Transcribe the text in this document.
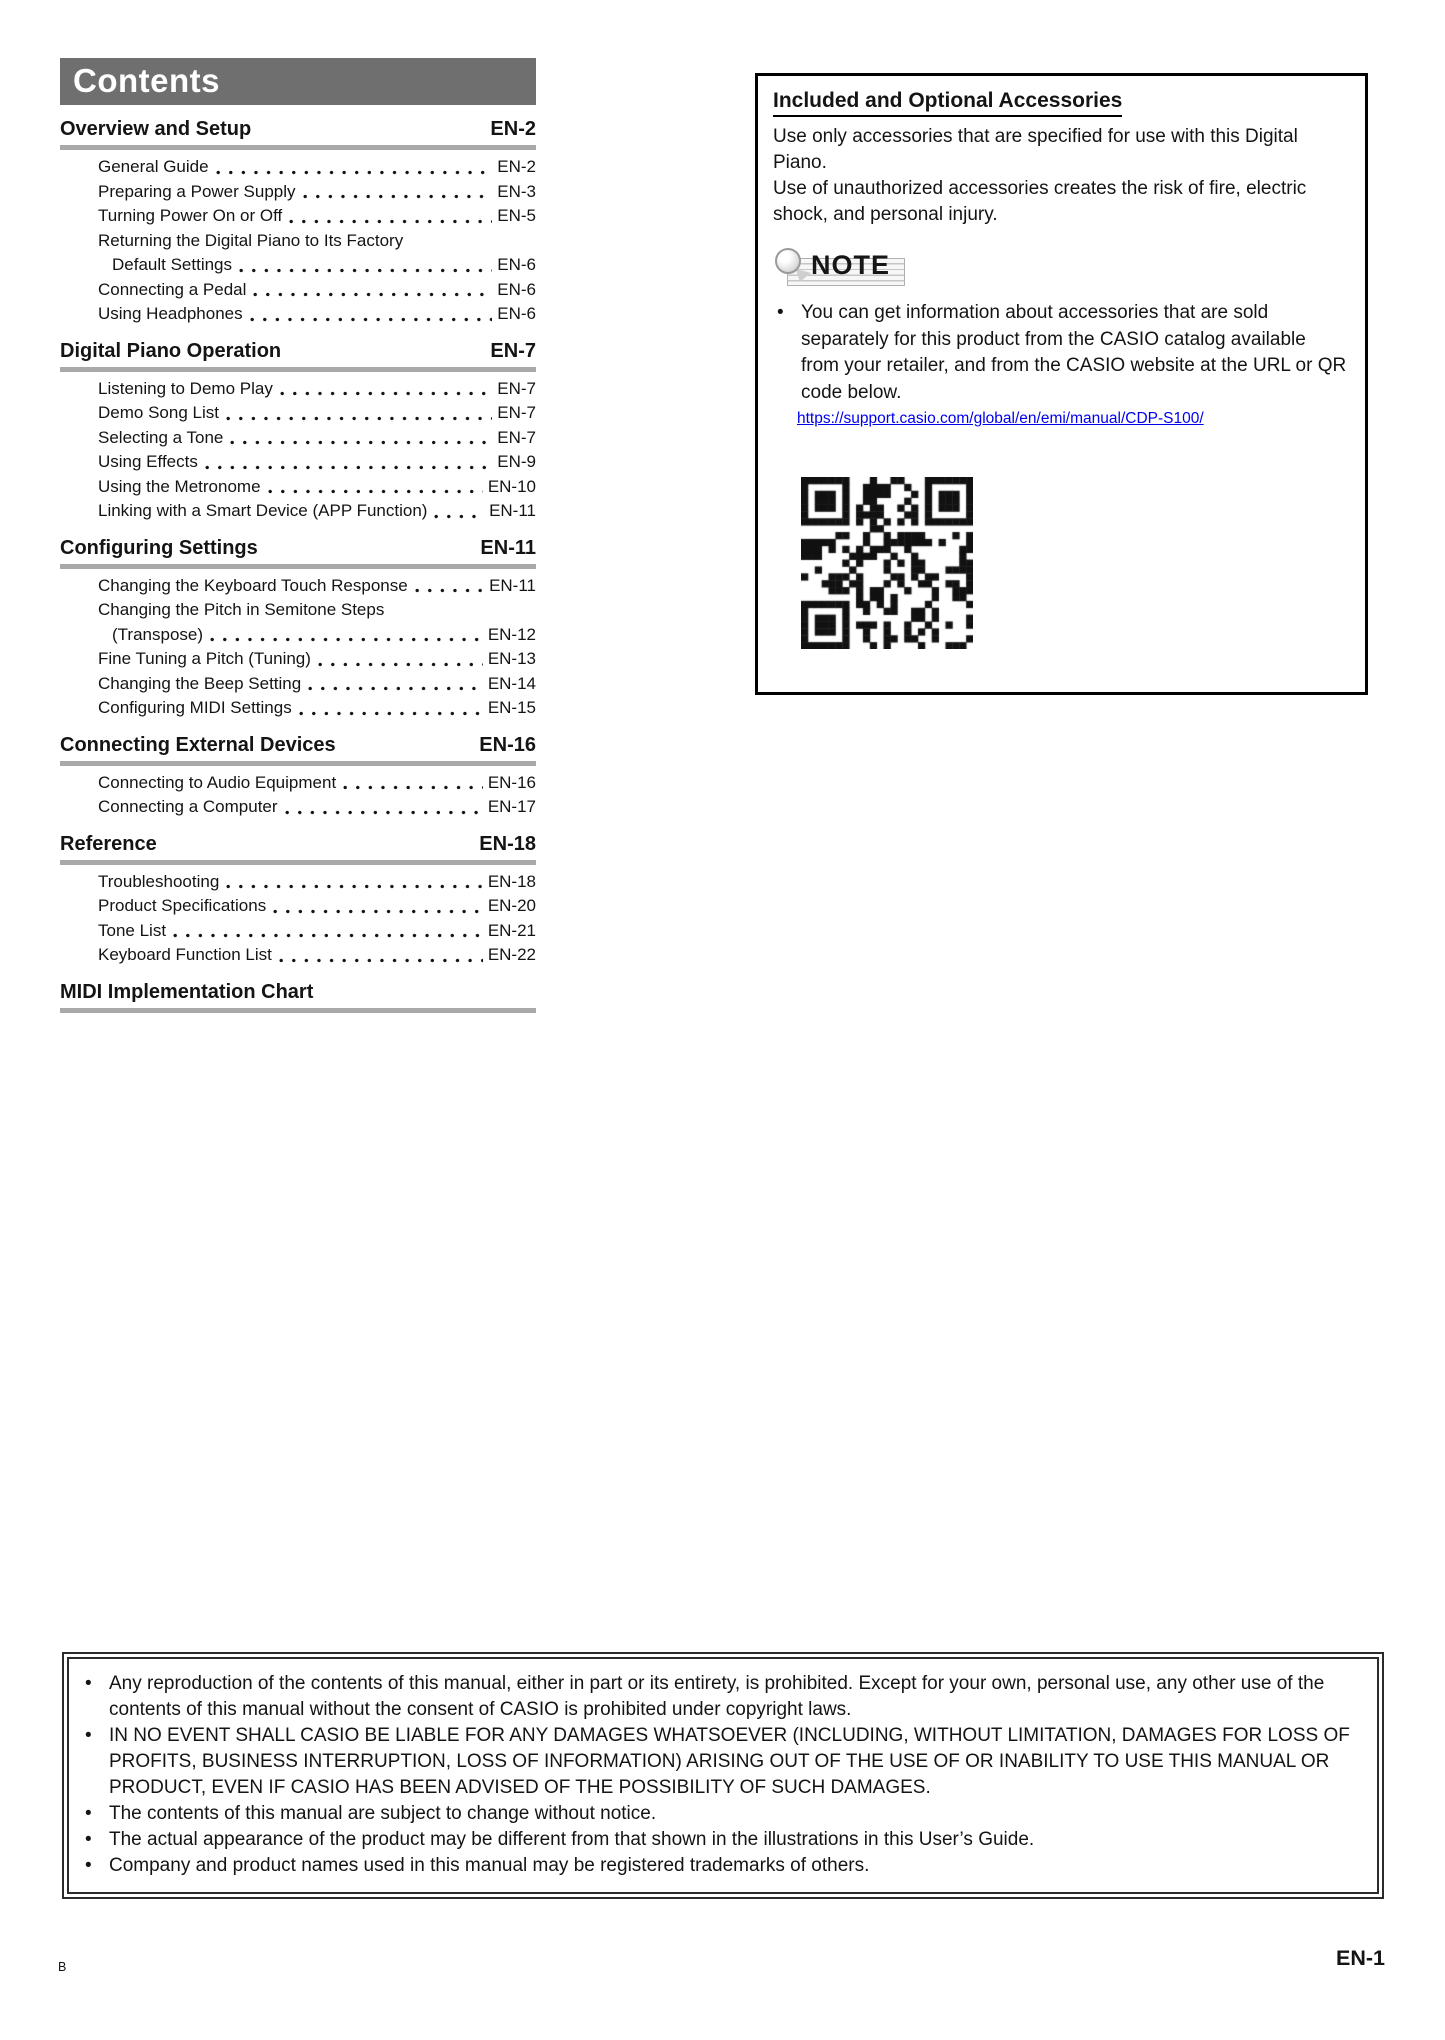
Contents
Overview and Setup	EN-2
General Guide	EN-2
Preparing a Power Supply	EN-3
Turning Power On or Off	EN-5
Returning the Digital Piano to Its Factory
Default Settings	EN-6
Connecting a Pedal	EN-6
Using Headphones	EN-6
Digital Piano Operation	EN-7
Listening to Demo Play	EN-7
Demo Song List	EN-7
Selecting a Tone	EN-7
Using Effects	EN-9
Using the Metronome	EN-10
Linking with a Smart Device (APP Function)	EN-11
Configuring Settings	EN-11
Changing the Keyboard Touch Response	EN-11
Changing the Pitch in Semitone Steps
(Transpose)	EN-12
Fine Tuning a Pitch (Tuning)	EN-13
Changing the Beep Setting	EN-14
Configuring MIDI Settings	EN-15
Connecting External Devices	EN-16
Connecting to Audio Equipment	EN-16
Connecting a Computer	EN-17
Reference	EN-18
Troubleshooting	EN-18
Product Specifications	EN-20
Tone List	EN-21
Keyboard Function List	EN-22
MIDI Implementation Chart
Included and Optional Accessories
Use only accessories that are specified for use with this Digital Piano.
Use of unauthorized accessories creates the risk of fire, electric shock, and personal injury.
NOTE
• You can get information about accessories that are sold separately for this product from the CASIO catalog available from your retailer, and from the CASIO website at the URL or QR code below.
https://support.casio.com/global/en/emi/manual/CDP-S100/
• Any reproduction of the contents of this manual, either in part or its entirety, is prohibited. Except for your own, personal use, any other use of the contents of this manual without the consent of CASIO is prohibited under copyright laws.
• IN NO EVENT SHALL CASIO BE LIABLE FOR ANY DAMAGES WHATSOEVER (INCLUDING, WITHOUT LIMITATION, DAMAGES FOR LOSS OF PROFITS, BUSINESS INTERRUPTION, LOSS OF INFORMATION) ARISING OUT OF THE USE OF OR INABILITY TO USE THIS MANUAL OR PRODUCT, EVEN IF CASIO HAS BEEN ADVISED OF THE POSSIBILITY OF SUCH DAMAGES.
• The contents of this manual are subject to change without notice.
• The actual appearance of the product may be different from that shown in the illustrations in this User’s Guide.
• Company and product names used in this manual may be registered trademarks of others.
B	EN-1
